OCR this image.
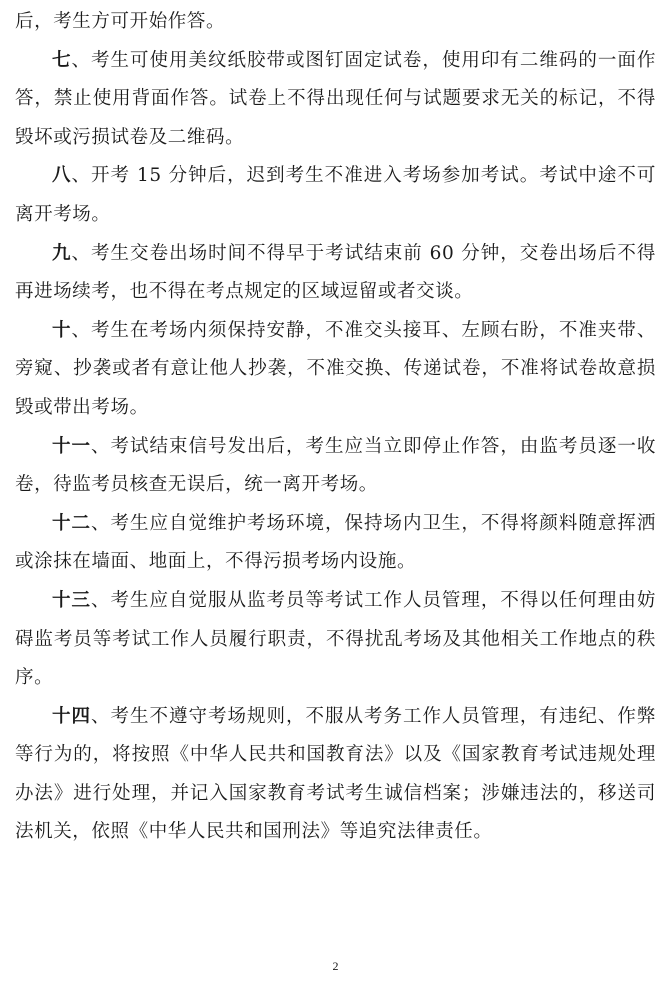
后，考生方可开始作答。

七、考生可使用美纹纸胶带或图钉固定试卷，使用印有二维码的一面作答，禁止使用背面作答。试卷上不得出现任何与试题要求无关的标记，不得毁坏或污损试卷及二维码。

八、开考 15 分钟后，迟到考生不准进入考场参加考试。考试中途不可离开考场。

九、考生交卷出场时间不得早于考试结束前 60 分钟，交卷出场后不得再进场续考，也不得在考点规定的区域逗留或者交谈。

十、考生在考场内须保持安静，不准交头接耳、左顾右盼，不准夹带、旁窥、抄袭或者有意让他人抄袭，不准交换、传递试卷，不准将试卷故意损毁或带出考场。

十一、考试结束信号发出后，考生应当立即停止作答，由监考员逐一收卷，待监考员核查无误后，统一离开考场。

十二、考生应自觉维护考场环境，保持场内卫生，不得将颜料随意挥洒或涂抹在墙面、地面上，不得污损考场内设施。

十三、考生应自觉服从监考员等考试工作人员管理，不得以任何理由妨碍监考员等考试工作人员履行职责，不得扰乱考场及其他相关工作地点的秩序。

十四、考生不遵守考场规则，不服从考务工作人员管理，有违纪、作弊等行为的，将按照《中华人民共和国教育法》以及《国家教育考试违规处理办法》进行处理，并记入国家教育考试考生诚信档案；涉嫌违法的，移送司法机关，依照《中华人民共和国刑法》等追究法律责任。

2
